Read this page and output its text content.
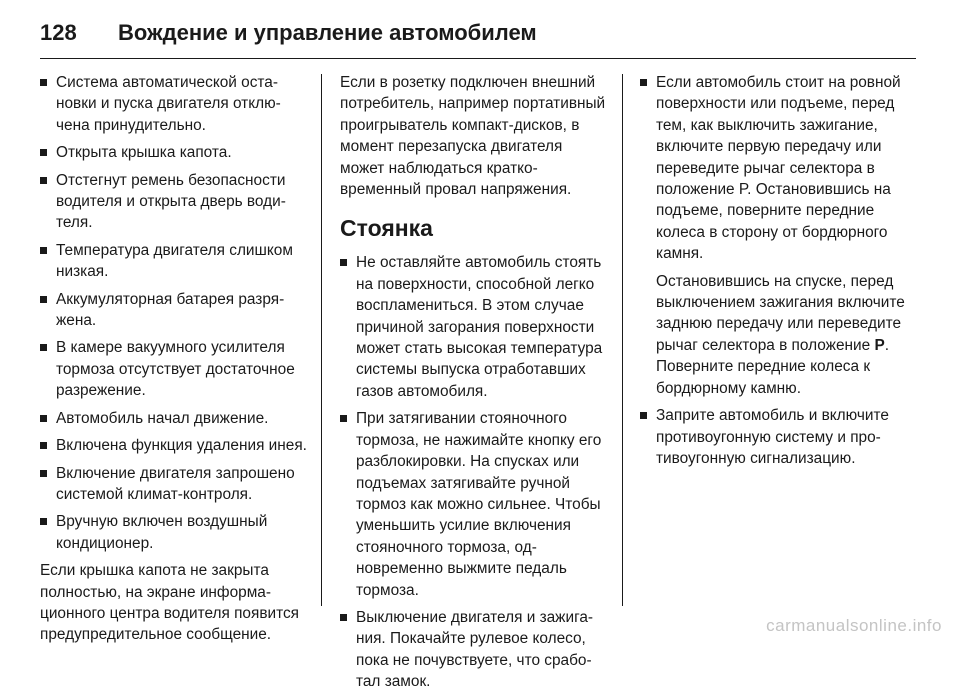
128 Вождение и управление автомобилем
Система автоматической остановки и пуска двигателя отключена принудительно.
Открыта крышка капота.
Отстегнут ремень безопасности водителя и открыта дверь водителя.
Температура двигателя слишком низкая.
Аккумуляторная батарея разряжена.
В камере вакуумного усилителя тормоза отсутствует достаточное разрежение.
Автомобиль начал движение.
Включена функция удаления инея.
Включение двигателя запрошено системой климат-контроля.
Вручную включен воздушный кондиционер.

Если крышка капота не закрыта полностью, на экране информационного центра водителя появится предупредительное сообщение.

Если в розетку подключен внешний потребитель, например портативный проигрыватель компакт-дисков, в момент перезапуска двигателя может наблюдаться кратковременный провал напряжения.

Стоянка
Не оставляйте автомобиль стоять на поверхности, способной легко воспламениться. В этом случае причиной загорания поверхности может стать высокая температура системы выпуска отработавших газов автомобиля.
При затягивании стояночного тормоза, не нажимайте кнопку его разблокировки. На спусках или подъемах затягивайте ручной тормоз как можно сильнее. Чтобы уменьшить усилие включения стояночного тормоза, одновременно выжмите педаль тормоза.
Выключение двигателя и зажигания. Покачайте рулевое колесо, пока не почувствуете, что сработал замок.
Если автомобиль стоит на ровной поверхности или подъеме, перед тем, как выключить зажигание, включите первую передачу или переведите рычаг селектора в положение P. Остановившись на подъеме, поверните передние колеса в сторону от бордюрного камня.

Остановившись на спуске, перед выключением зажигания включите заднюю передачу или переведите рычаг селектора в положение P. Поверните передние колеса к бордюрному камню.

Заприте автомобиль и включите противоугонную систему и противоугонную сигнализацию.
carmanualsonline.info
